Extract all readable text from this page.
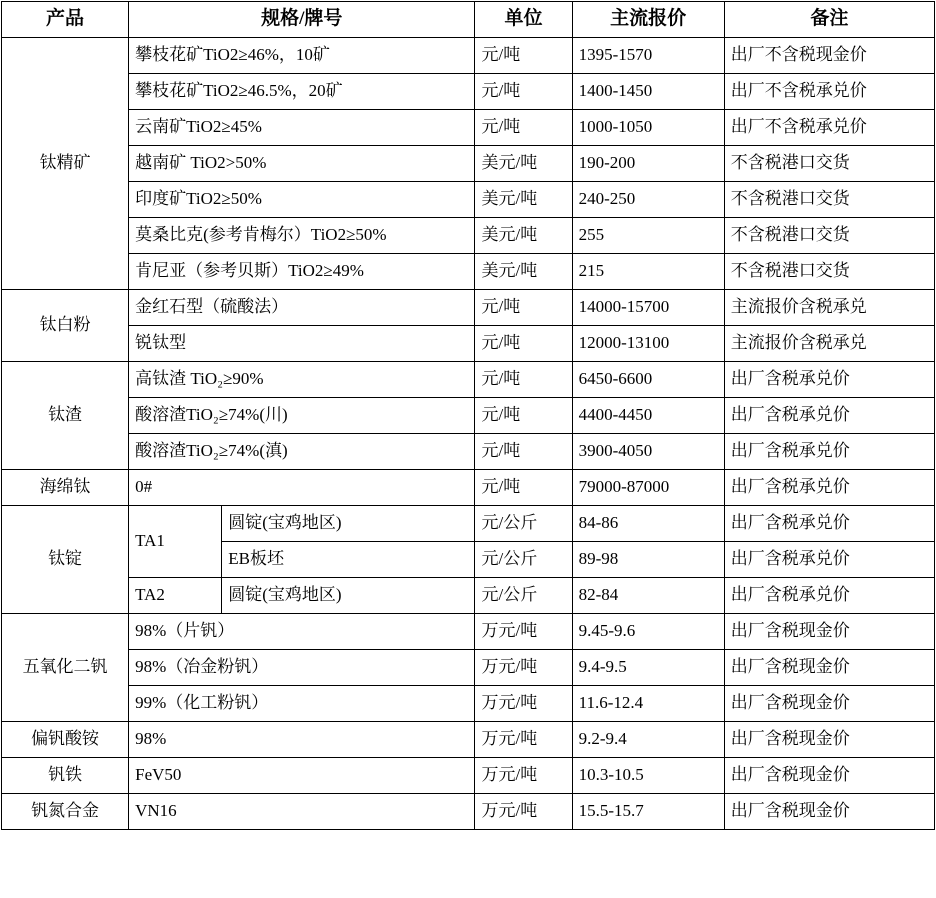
产品	规格/牌号		单位	主流报价	备注

钛精矿	攀枝花矿TiO2≥46%，10矿		元/吨	1395-1570	出厂不含税现金价

	攀枝花矿TiO2≥46.5%，20矿		元/吨	1400-1450	出厂不含税承兑价

	云南矿TiO2≥45%		元/吨	1000-1050	出厂不含税承兑价

	越南矿 TiO2>50%		美元/吨	190-200	不含税港口交货

	印度矿TiO2≥50%		美元/吨	240-250	不含税港口交货

	莫桑比克(参考肯梅尔）TiO2≥50%		美元/吨	255	不含税港口交货

	肯尼亚（参考贝斯）TiO2≥49%		美元/吨	215	不含税港口交货

钛白粉	金红石型（硫酸法）		元/吨	14000-15700	主流报价含税承兑

	锐钛型		元/吨	12000-13100	主流报价含税承兑

钛渣	高钛渣 TiO₂≥90%		元/吨	6450-6600	出厂含税承兑价

	酸溶渣TiO₂≥74%(川)		元/吨	4400-4450	出厂含税承兑价

	酸溶渣TiO₂≥74%(滇)		元/吨	3900-4050	出厂含税承兑价

海绵钛	0#		元/吨	79000-87000	出厂含税承兑价

钛锭	TA1	圆锭(宝鸡地区)	元/公斤	84-86	出厂含税承兑价

		EB板坯	元/公斤	89-98	出厂含税承兑价

	TA2	圆锭(宝鸡地区)	元/公斤	82-84	出厂含税承兑价

五氧化二钒	98%（片钒）		万元/吨	9.45-9.6	出厂含税现金价

	98%（冶金粉钒）		万元/吨	9.4-9.5	出厂含税现金价

	99%（化工粉钒）		万元/吨	11.6-12.4	出厂含税现金价

偏钒酸铵	98%		万元/吨	9.2-9.4	出厂含税现金价

钒铁	FeV50		万元/吨	10.3-10.5	出厂含税现金价

钒氮合金	VN16		万元/吨	15.5-15.7	出厂含税现金价
